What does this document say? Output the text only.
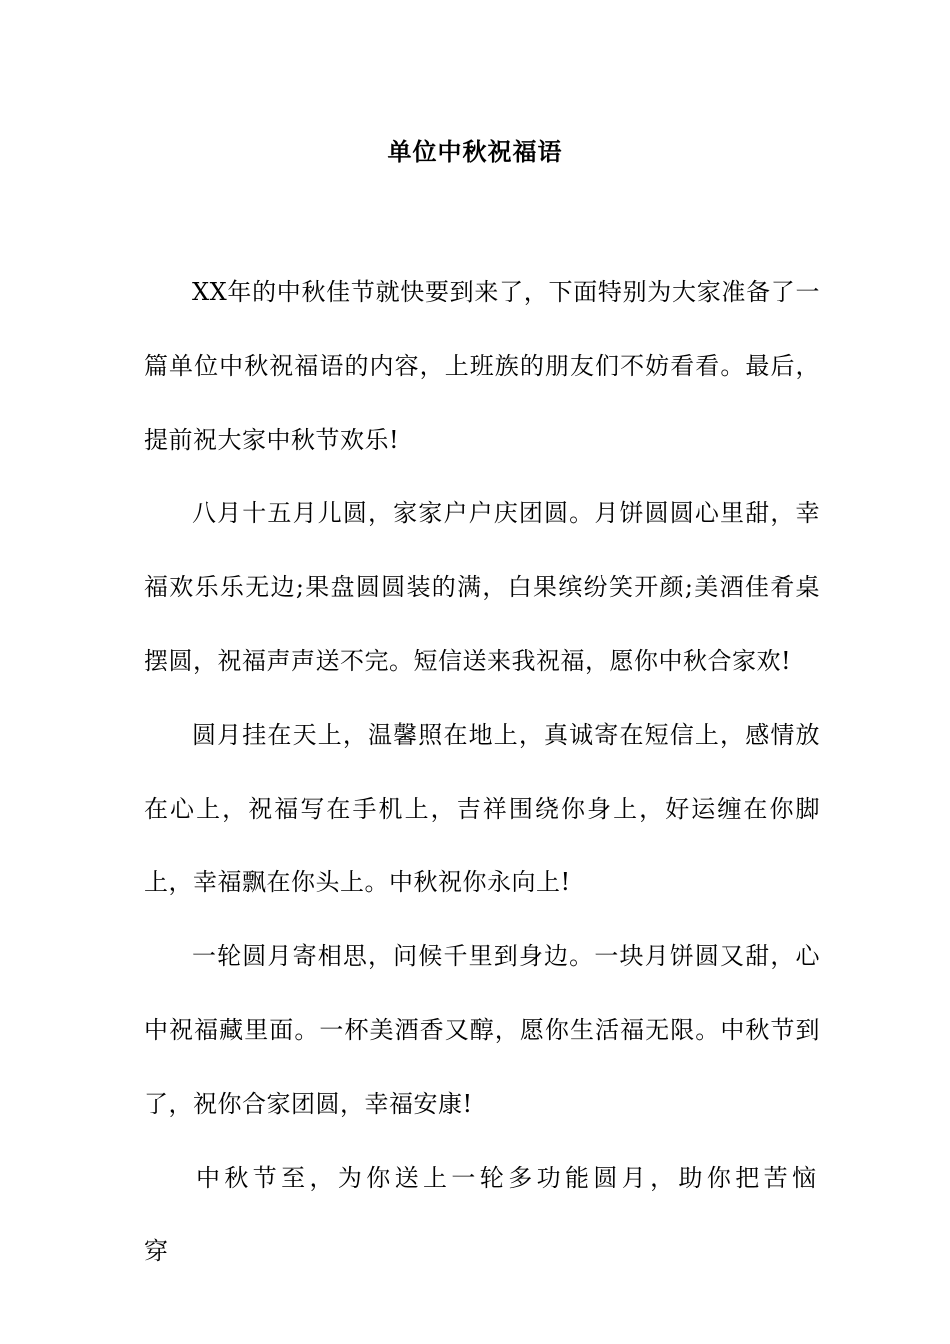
单位中秋祝福语

XX年的中秋佳节就快要到来了，下面特别为大家准备了一篇单位中秋祝福语的内容，上班族的朋友们不妨看看。最后，提前祝大家中秋节欢乐!

八月十五月儿圆，家家户户庆团圆。月饼圆圆心里甜，幸福欢乐乐无边;果盘圆圆装的满，白果缤纷笑开颜;美酒佳肴桌摆圆，祝福声声送不完。短信送来我祝福，愿你中秋合家欢!

圆月挂在天上，温馨照在地上，真诚寄在短信上，感情放在心上，祝福写在手机上，吉祥围绕你身上，好运缠在你脚上，幸福飘在你头上。中秋祝你永向上!

一轮圆月寄相思，问候千里到身边。一块月饼圆又甜，心中祝福藏里面。一杯美酒香又醇，愿你生活福无限。中秋节到了，祝你合家团圆，幸福安康!

中秋节至，为你送上一轮多功能圆月，助你把苦恼穿
